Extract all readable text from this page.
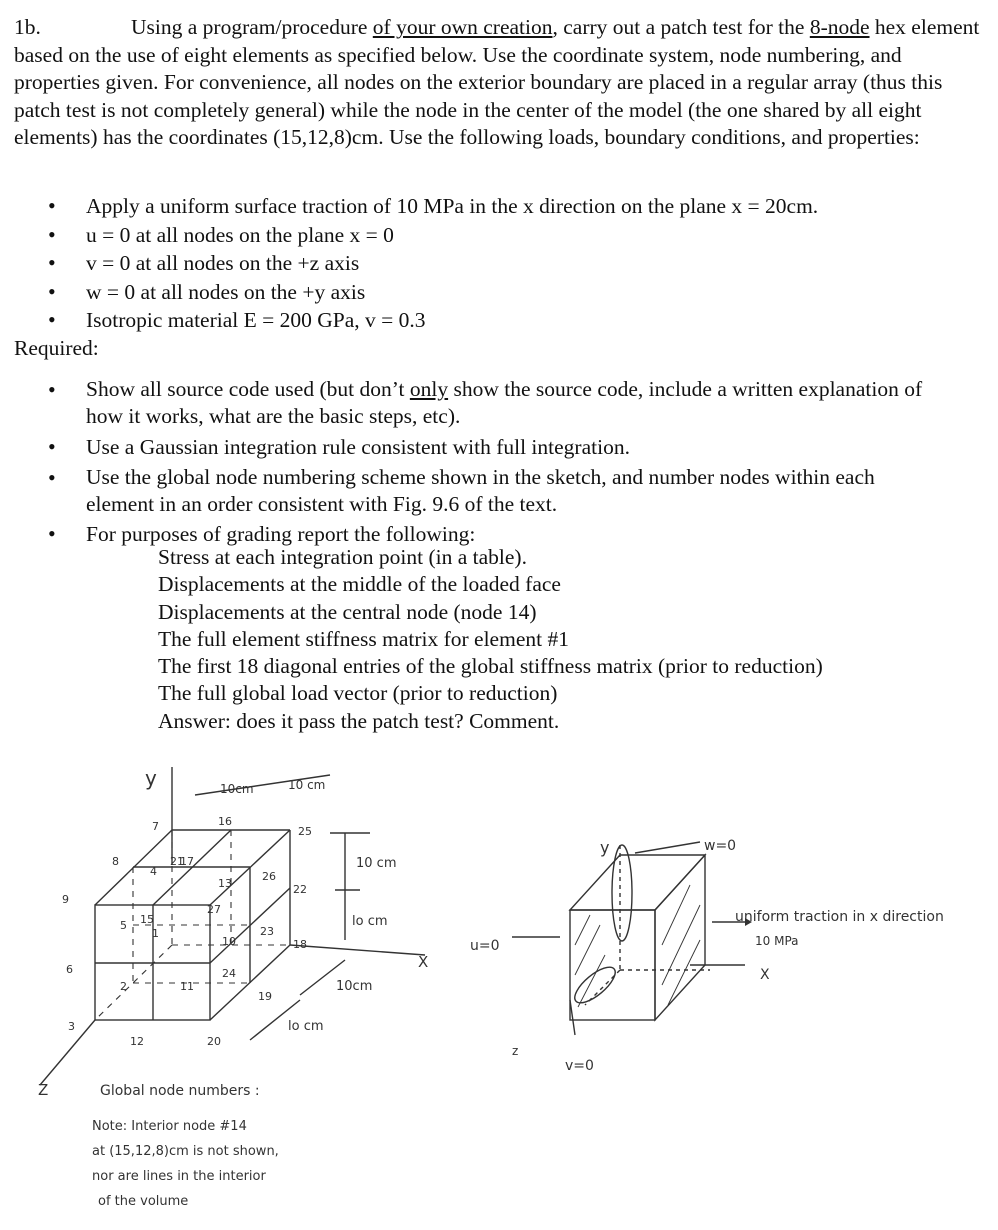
1b.	Using a program/procedure of your own creation, carry out a patch test for the 8-node hex element based on the use of eight elements as specified below. Use the coordinate system, node numbering, and properties given. For convenience, all nodes on the exterior boundary are placed in a regular array (thus this patch test is not completely general) while the node in the center of the model (the one shared by all eight elements) has the coordinates (15,12,8)cm. Use the following loads, boundary conditions, and properties:
• Apply a uniform surface traction of 10 MPa in the x direction on the plane x = 20cm.
• u = 0 at all nodes on the plane x = 0
• v = 0 at all nodes on the +z axis
• w = 0 at all nodes on the +y axis
• Isotropic material E = 200 GPa, v = 0.3
Required:
• Show all source code used (but don’t only show the source code, include a written explanation of how it works, what are the basic steps, etc).
• Use a Gaussian integration rule consistent with full integration.
• Use the global node numbering scheme shown in the sketch, and number nodes within each element in an order consistent with Fig. 9.6 of the text.
• For purposes of grading report the following:
Stress at each integration point (in a table).
Displacements at the middle of the loaded face
Displacements at the central node (node 14)
The full element stiffness matrix for element #1
The first 18 diagonal entries of the global stiffness matrix (prior to reduction)
The full global load vector (prior to reduction)
Answer: does it pass the patch test? Comment.
6
9
3
7
8
5
2
4
1
11
12	20
16
17
13
27
15
10
24
19
26
23
22
18
25
21
y
X
Z
10cm	10 cm
10 cm
lo cm
10cm
lo cm
Global node numbers :
Note: Interior node #14
at (15,12,8)cm is not shown,
nor are lines in the interior
of the volume
u=0
v=0
w=0
y
z
X
uniform traction in x direction
10 MPa
